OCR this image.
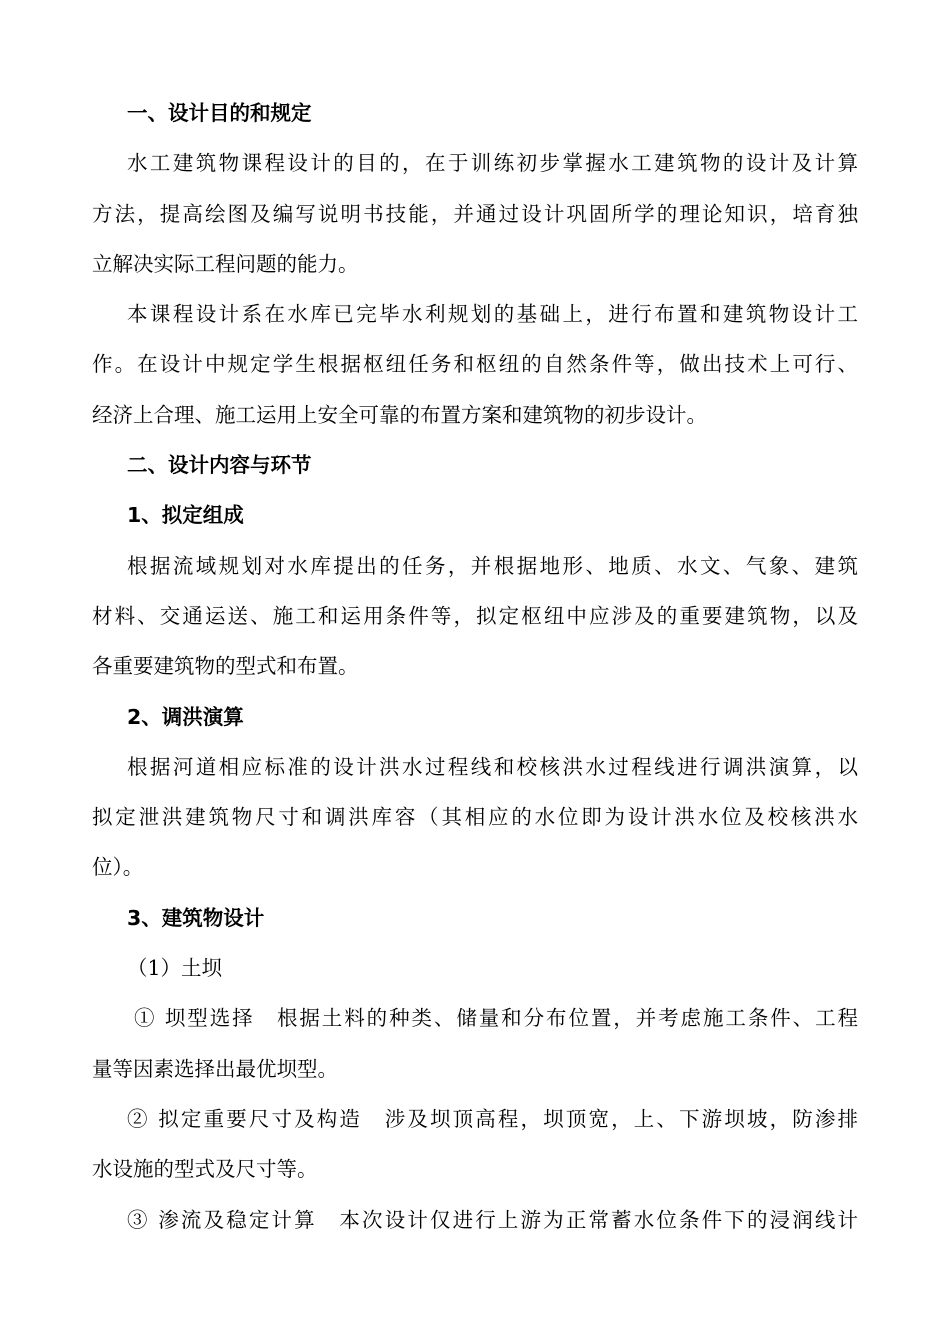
一、设计目的和规定
水工建筑物课程设计的目的，在于训练初步掌握水工建筑物的设计及计算
方法，提高绘图及编写说明书技能，并通过设计巩固所学的理论知识，培育独
立解决实际工程问题的能力。
本课程设计系在水库已完毕水利规划的基础上，进行布置和建筑物设计工
作。在设计中规定学生根据枢纽任务和枢纽的自然条件等，做出技术上可行、
经济上合理、施工运用上安全可靠的布置方案和建筑物的初步设计。
二、设计内容与环节
1、拟定组成
根据流域规划对水库提出的任务，并根据地形、地质、水文、气象、建筑
材料、交通运送、施工和运用条件等，拟定枢纽中应涉及的重要建筑物，以及
各重要建筑物的型式和布置。
2、调洪演算
根据河道相应标准的设计洪水过程线和校核洪水过程线进行调洪演算，以
拟定泄洪建筑物尺寸和调洪库容（其相应的水位即为设计洪水位及校核洪水
位）。
3、建筑物设计
（1）土坝
① 坝型选择　根据土料的种类、储量和分布位置，并考虑施工条件、工程
量等因素选择出最优坝型。
② 拟定重要尺寸及构造　涉及坝顶高程，坝顶宽，上、下游坝坡，防渗排
水设施的型式及尺寸等。
③ 渗流及稳定计算　本次设计仅进行上游为正常蓄水位条件下的浸润线计
